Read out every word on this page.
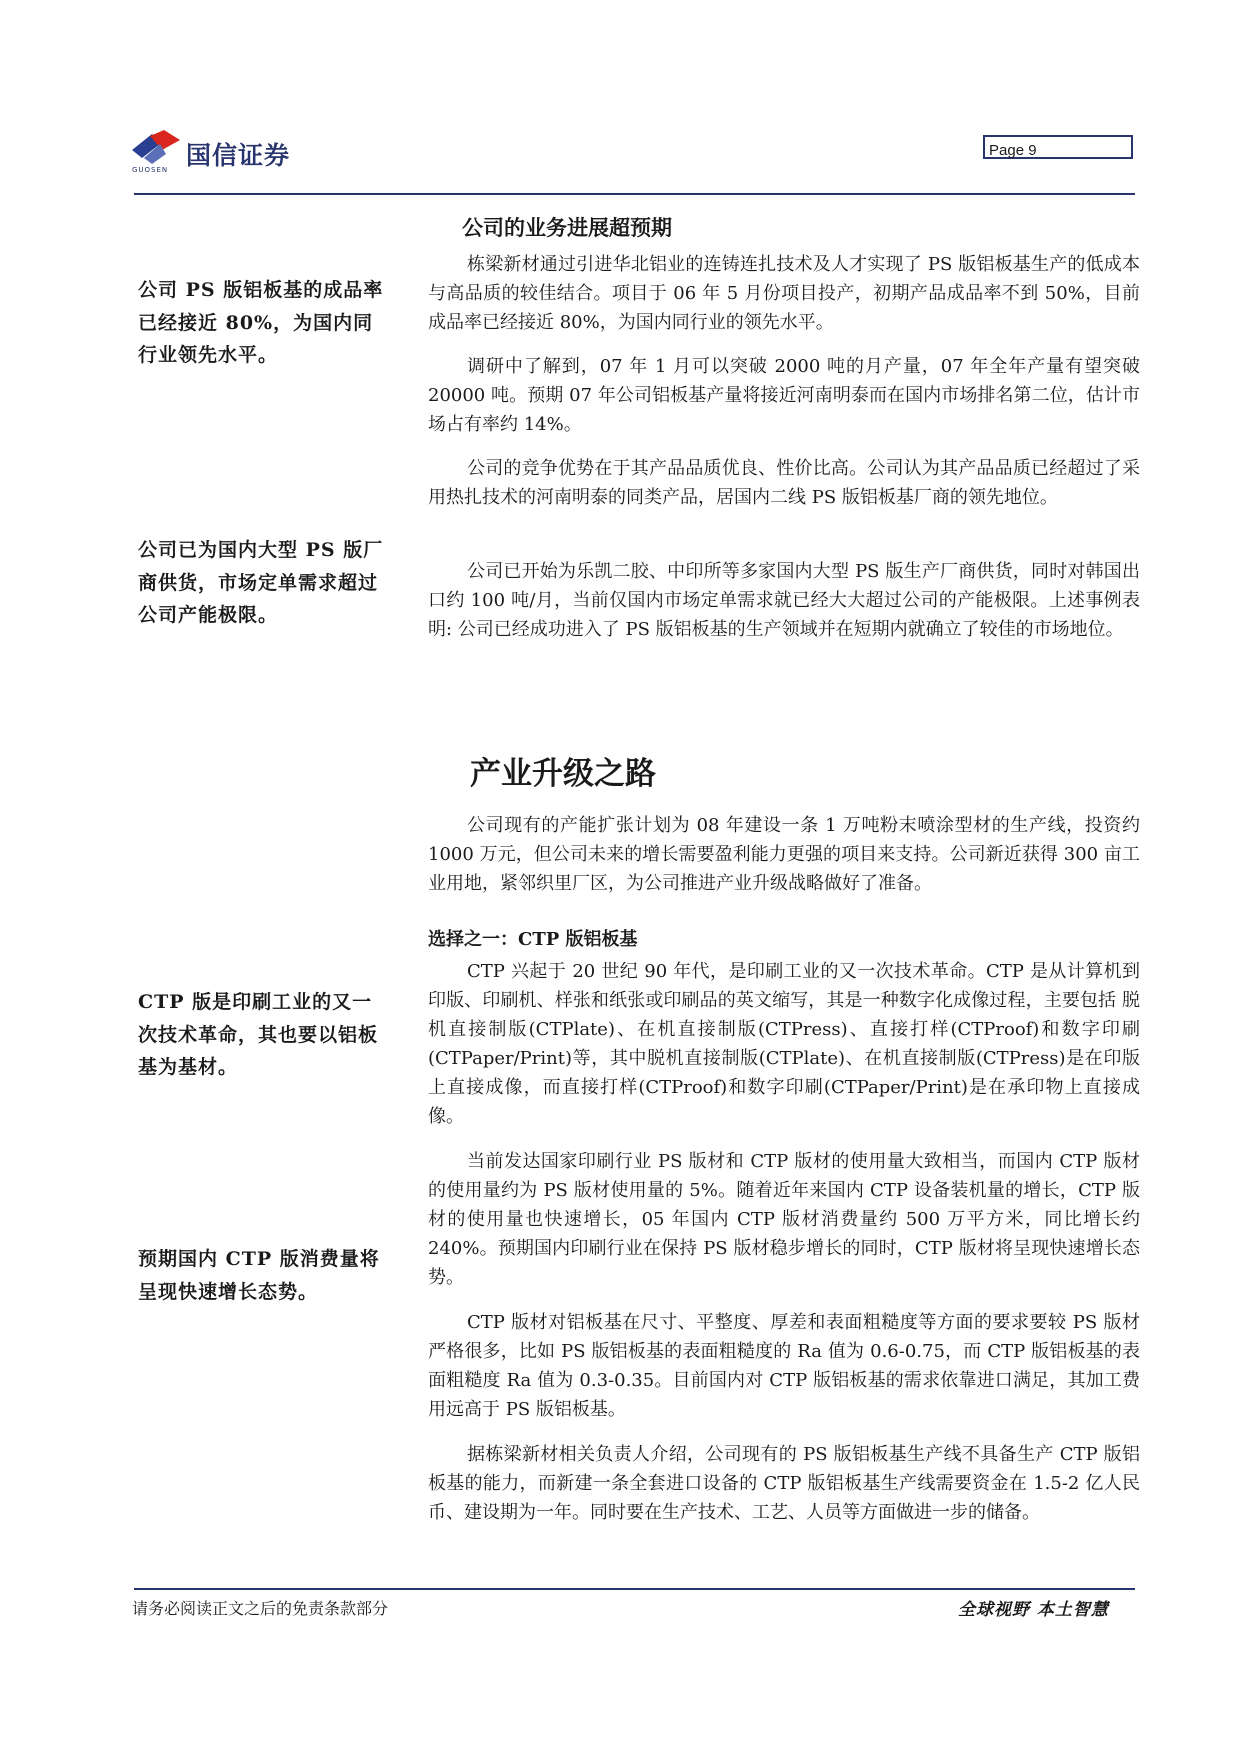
国信证券
GUOSEN
Page 9
公司的业务进展超预期
公司 PS 版铝板基的成品率已经接近 80%，为国内同行业领先水平。
公司已为国内大型 PS 版厂商供货，市场定单需求超过公司产能极限。
栋梁新材通过引进华北铝业的连铸连扎技术及人才实现了 PS 版铝板基生产的低成本与高品质的较佳结合。项目于 06 年 5 月份项目投产，初期产品成品率不到 50%，目前成品率已经接近 80%，为国内同行业的领先水平。
调研中了解到，07 年 1 月可以突破 2000 吨的月产量，07 年全年产量有望突破 20000 吨。预期 07 年公司铝板基产量将接近河南明泰而在国内市场排名第二位，估计市场占有率约 14%。
公司的竞争优势在于其产品品质优良、性价比高。公司认为其产品品质已经超过了采用热扎技术的河南明泰的同类产品，居国内二线 PS 版铝板基厂商的领先地位。
公司已开始为乐凯二胶、中印所等多家国内大型 PS 版生产厂商供货，同时对韩国出口约 100 吨/月，当前仅国内市场定单需求就已经大大超过公司的产能极限。上述事例表明: 公司已经成功进入了 PS 版铝板基的生产领域并在短期内就确立了较佳的市场地位。
产业升级之路
公司现有的产能扩张计划为 08 年建设一条 1 万吨粉末喷涂型材的生产线，投资约 1000 万元，但公司未来的增长需要盈利能力更强的项目来支持。公司新近获得 300 亩工业用地，紧邻织里厂区，为公司推进产业升级战略做好了准备。
选择之一：CTP 版铝板基
CTP 版是印刷工业的又一次技术革命，其也要以铝板基为基材。
预期国内 CTP 版消费量将呈现快速增长态势。
CTP 兴起于 20 世纪 90 年代，是印刷工业的又一次技术革命。CTP 是从计算机到印版、印刷机、样张和纸张或印刷品的英文缩写，其是一种数字化成像过程，主要包括 脱机直接制版(CTPlate)、在机直接制版(CTPress)、直接打样(CTProof)和数字印刷(CTPaper/Print)等，其中脱机直接制版(CTPlate)、在机直接制版(CTPress)是在印版上直接成像，而直接打样(CTProof)和数字印刷(CTPaper/Print)是在承印物上直接成像。
当前发达国家印刷行业 PS 版材和 CTP 版材的使用量大致相当，而国内 CTP 版材的使用量约为 PS 版材使用量的 5%。随着近年来国内 CTP 设备装机量的增长，CTP 版材的使用量也快速增长，05 年国内 CTP 版材消费量约 500 万平方米，同比增长约 240%。预期国内印刷行业在保持 PS 版材稳步增长的同时，CTP 版材将呈现快速增长态势。
CTP 版材对铝板基在尺寸、平整度、厚差和表面粗糙度等方面的要求要较 PS 版材严格很多，比如 PS 版铝板基的表面粗糙度的 Ra 值为 0.6-0.75，而 CTP 版铝板基的表面粗糙度 Ra 值为 0.3-0.35。目前国内对 CTP 版铝板基的需求依靠进口满足，其加工费用远高于 PS 版铝板基。
据栋梁新材相关负责人介绍，公司现有的 PS 版铝板基生产线不具备生产 CTP 版铝板基的能力，而新建一条全套进口设备的 CTP 版铝板基生产线需要资金在 1.5-2 亿人民币、建设期为一年。同时要在生产技术、工艺、人员等方面做进一步的储备。
请务必阅读正文之后的免责条款部分	全球视野 本土智慧
